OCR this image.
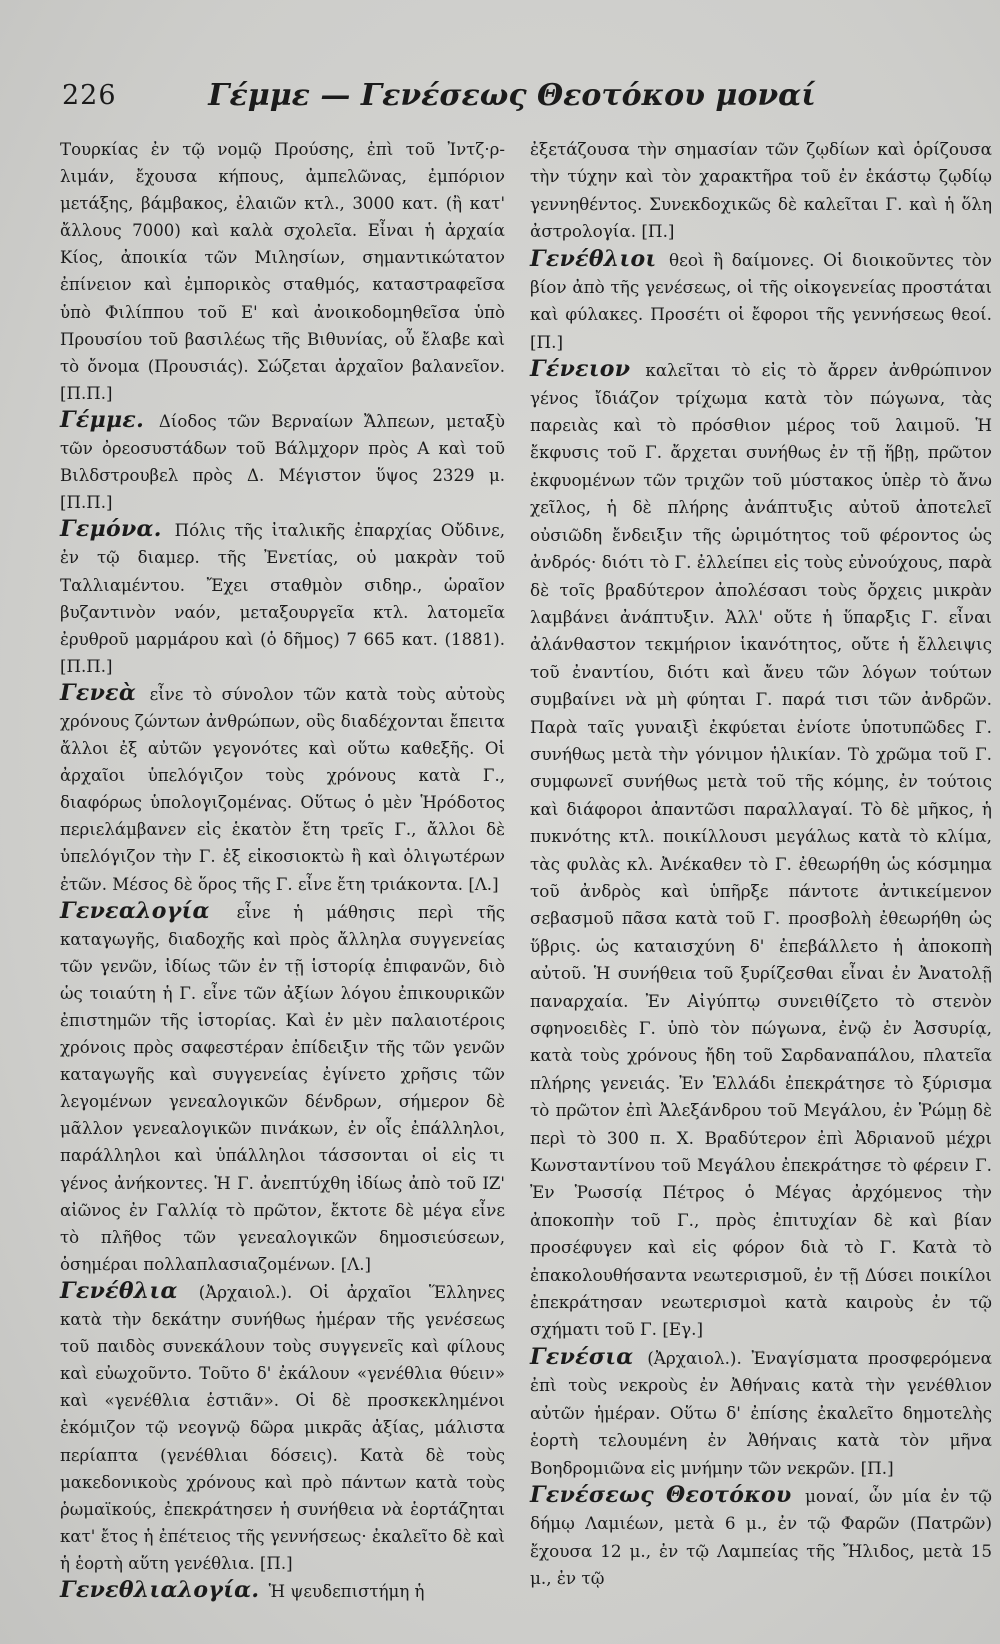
226	Γέμμε — Γενέσεως Θεοτόκου μοναί

Τουρκίας ἐν τῷ νομῷ Προύσης, ἐπὶ τοῦ Ἰντζ·ρ-λιμάν, ἔχουσα κήπους, ἀμπελῶνας, ἐμπόριον μετάξης, βάμβακος, ἐλαιῶν κτλ., 3000 κατ. (ἢ κατ' ἄλλους 7000) καὶ καλὰ σχολεῖα. Εἶναι ἡ ἀρχαία Κίος, ἀποικία τῶν Μιλησίων, σημαντικώτατον ἐπίνειον καὶ ἐμπορικὸς σταθμός, καταστραφεῖσα ὑπὸ Φιλίππου τοῦ Ε' καὶ ἀνοικοδομηθεῖσα ὑπὸ Προυσίου τοῦ βασιλέως τῆς Βιθυνίας, οὗ ἔλαβε καὶ τὸ ὄνομα (Προυσιάς). Σώζεται ἀρχαῖον βαλανεῖον. [Π.Π.]

Γέμμε. Δίοδος τῶν Βερναίων Ἄλπεων, μεταξὺ τῶν ὀρεοσυστάδων τοῦ Βάλμχορν πρὸς Α καὶ τοῦ Βιλδστρουβελ πρὸς Δ. Μέγιστον ὕψος 2329 μ. [Π.Π.]

Γεμόνα. Πόλις τῆς ἰταλικῆς ἐπαρχίας Οὔδινε, ἐν τῷ διαμερ. τῆς Ἐνετίας, οὐ μακρὰν τοῦ Ταλλιαμέντου. Ἔχει σταθμὸν σιδηρ., ὡραῖον βυζαντινὸν ναόν, μεταξουργεῖα κτλ. λατομεῖα ἐρυθροῦ μαρμάρου καὶ (ὁ δῆμος) 7 665 κατ. (1881). [Π.Π.]

Γενεὰ εἶνε τὸ σύνολον τῶν κατὰ τοὺς αὐτοὺς χρόνους ζώντων ἀνθρώπων, οὓς διαδέχονται ἔπειτα ἄλλοι ἐξ αὐτῶν γεγονότες καὶ οὕτω καθεξῆς. Οἱ ἀρχαῖοι ὑπελόγιζον τοὺς χρόνους κατὰ Γ., διαφόρως ὑπολογιζομένας. Οὕτως ὁ μὲν Ἡρόδοτος περιελάμβανεν εἰς ἑκατὸν ἔτη τρεῖς Γ., ἄλλοι δὲ ὑπελόγιζον τὴν Γ. ἐξ εἰκοσιοκτὼ ἢ καὶ ὀλιγωτέρων ἐτῶν. Μέσος δὲ ὅρος τῆς Γ. εἶνε ἔτη τριάκοντα. [Λ.]

Γενεαλογία εἶνε ἡ μάθησις περὶ τῆς καταγωγῆς, διαδοχῆς καὶ πρὸς ἄλληλα συγγενείας τῶν γενῶν, ἰδίως τῶν ἐν τῇ ἱστορίᾳ ἐπιφανῶν, διὸ ὡς τοιαύτη ἡ Γ. εἶνε τῶν ἀξίων λόγου ἐπικουρικῶν ἐπιστημῶν τῆς ἱστορίας. Καὶ ἐν μὲν παλαιοτέροις χρόνοις πρὸς σαφεστέραν ἐπίδειξιν τῆς τῶν γενῶν καταγωγῆς καὶ συγγενείας ἐγίνετο χρῆσις τῶν λεγομένων γενεαλογικῶν δένδρων, σήμερον δὲ μᾶλλον γενεαλογικῶν πινάκων, ἐν οἷς ἐπάλληλοι, παράλληλοι καὶ ὑπάλληλοι τάσσονται οἱ εἰς τι γένος ἀνήκοντες. Ἡ Γ. ἀνεπτύχθη ἰδίως ἀπὸ τοῦ ΙΖ' αἰῶνος ἐν Γαλλίᾳ τὸ πρῶτον, ἔκτοτε δὲ μέγα εἶνε τὸ πλῆθος τῶν γενεαλογικῶν δημοσιεύσεων, ὁσημέραι πολλαπλασιαζομένων. [Λ.]

Γενέθλια (Ἀρχαιολ.). Οἱ ἀρχαῖοι Ἕλληνες κατὰ τὴν δεκάτην συνήθως ἡμέραν τῆς γενέσεως τοῦ παιδὸς συνεκάλουν τοὺς συγγενεῖς καὶ φίλους καὶ εὐωχοῦντο. Τοῦτο δ' ἐκάλουν «γενέθλια θύειν» καὶ «γενέθλια ἑστιᾶν». Οἱ δὲ προσκεκλημένοι ἐκόμιζον τῷ νεογνῷ δῶρα μικρᾶς ἀξίας, μάλιστα περίαπτα (γενέθλιαι δόσεις). Κατὰ δὲ τοὺς μακεδονικοὺς χρόνους καὶ πρὸ πάντων κατὰ τοὺς ῥωμαϊκούς, ἐπεκράτησεν ἡ συνήθεια νὰ ἑορτάζηται κατ' ἔτος ἡ ἐπέτειος τῆς γεννήσεως· ἐκαλεῖτο δὲ καὶ ἡ ἑορτὴ αὕτη γενέθλια. [Π.]

Γενεθλιαλογία. Ἡ ψευδεπιστήμη ἡ

ἐξετάζουσα τὴν σημασίαν τῶν ζῳδίων καὶ ὁρίζουσα τὴν τύχην καὶ τὸν χαρακτῆρα τοῦ ἐν ἑκάστῳ ζῳδίῳ γεννηθέντος. Συνεκδοχικῶς δὲ καλεῖται Γ. καὶ ἡ ὅλη ἀστρολογία. [Π.]

Γενέθλιοι θεοὶ ἢ δαίμονες. Οἱ διοικοῦντες τὸν βίον ἀπὸ τῆς γενέσεως, οἱ τῆς οἰκογενείας προστάται καὶ φύλακες. Προσέτι οἱ ἔφοροι τῆς γεννήσεως θεοί. [Π.]

Γένειον καλεῖται τὸ εἰς τὸ ἄρρεν ἀνθρώπινον γένος ἴδιάζον τρίχωμα κατὰ τὸν πώγωνα, τὰς παρειὰς καὶ τὸ πρόσθιον μέρος τοῦ λαιμοῦ. Ἡ ἔκφυσις τοῦ Γ. ἄρχεται συνήθως ἐν τῇ ἥβῃ, πρῶτον ἐκφυομένων τῶν τριχῶν τοῦ μύστακος ὑπὲρ τὸ ἄνω χεῖλος, ἡ δὲ πλήρης ἀνάπτυξις αὐτοῦ ἀποτελεῖ οὐσιῶδη ἔνδειξιν τῆς ὡριμότητος τοῦ φέροντος ὡς ἀνδρός· διότι τὸ Γ. ἐλλείπει εἰς τοὺς εὐνούχους, παρὰ δὲ τοῖς βραδύτερον ἀπολέσασι τοὺς ὄρχεις μικρὰν λαμβάνει ἀνάπτυξιν. Ἀλλ' οὔτε ἡ ὕπαρξις Γ. εἶναι ἀλάνθαστον τεκμήριον ἱκανότητος, οὔτε ἡ ἔλλειψις τοῦ ἐναντίου, διότι καὶ ἄνευ τῶν λόγων τούτων συμβαίνει νὰ μὴ φύηται Γ. παρά τισι τῶν ἀνδρῶν. Παρὰ ταῖς γυναιξὶ ἐκφύεται ἐνίοτε ὑποτυπῶδες Γ. συνήθως μετὰ τὴν γόνιμον ἡλικίαν. Τὸ χρῶμα τοῦ Γ. συμφωνεῖ συνήθως μετὰ τοῦ τῆς κόμης, ἐν τούτοις καὶ διάφοροι ἀπαντῶσι παραλλαγαί. Τὸ δὲ μῆκος, ἡ πυκνότης κτλ. ποικίλλουσι μεγάλως κατὰ τὸ κλίμα, τὰς φυλὰς κλ. Ἀνέκαθεν τὸ Γ. ἐθεωρήθη ὡς κόσμημα τοῦ ἀνδρὸς καὶ ὑπῆρξε πάντοτε ἀντικείμενον σεβασμοῦ πᾶσα κατὰ τοῦ Γ. προσβολὴ ἐθεωρήθη ὡς ὕβρις. ὡς καταισχύνη δ' ἐπεβάλλετο ἡ ἀποκοπὴ αὐτοῦ. Ἡ συνήθεια τοῦ ξυρίζεσθαι εἶναι ἐν Ἀνατολῇ παναρχαία. Ἐν Αἰγύπτῳ συνειθίζετο τὸ στενὸν σφηνοειδὲς Γ. ὑπὸ τὸν πώγωνα, ἐνῷ ἐν Ἀσσυρίᾳ, κατὰ τοὺς χρόνους ἤδη τοῦ Σαρδαναπάλου, πλατεῖα πλήρης γενειάς. Ἐν Ἑλλάδι ἐπεκράτησε τὸ ξύρισμα τὸ πρῶτον ἐπὶ Ἀλεξάνδρου τοῦ Μεγάλου, ἐν Ῥώμῃ δὲ περὶ τὸ 300 π. Χ. Βραδύτερον ἐπὶ Ἀδριανοῦ μέχρι Κωνσταντίνου τοῦ Μεγάλου ἐπεκράτησε τὸ φέρειν Γ. Ἐν Ῥωσσίᾳ Πέτρος ὁ Μέγας ἀρχόμενος τὴν ἀποκοπὴν τοῦ Γ., πρὸς ἐπιτυχίαν δὲ καὶ βίαν προσέφυγεν καὶ εἰς φόρον διὰ τὸ Γ. Κατὰ τὸ ἐπακολουθήσαντα νεωτερισμοῦ, ἐν τῇ Δύσει ποικίλοι ἐπεκράτησαν νεωτερισμοὶ κατὰ καιροὺς ἐν τῷ σχήματι τοῦ Γ. [Εγ.]

Γενέσια (Ἀρχαιολ.). Ἐναγίσματα προσφερόμενα ἐπὶ τοὺς νεκροὺς ἐν Ἀθήναις κατὰ τὴν γενέθλιον αὐτῶν ἡμέραν. Οὕτω δ' ἐπίσης ἐκαλεῖτο δημοτελὴς ἑορτὴ τελουμένη ἐν Ἀθήναις κατὰ τὸν μῆνα Βοηδρομιῶνα εἰς μνήμην τῶν νεκρῶν. [Π.]

Γενέσεως Θεοτόκου μοναί, ὧν μία ἐν τῷ δήμῳ Λαμιέων, μετὰ 6 μ., ἐν τῷ Φαρῶν (Πατρῶν) ἔχουσα 12 μ., ἐν τῷ Λαμπείας τῆς Ἤλιδος, μετὰ 15 μ., ἐν τῷ
